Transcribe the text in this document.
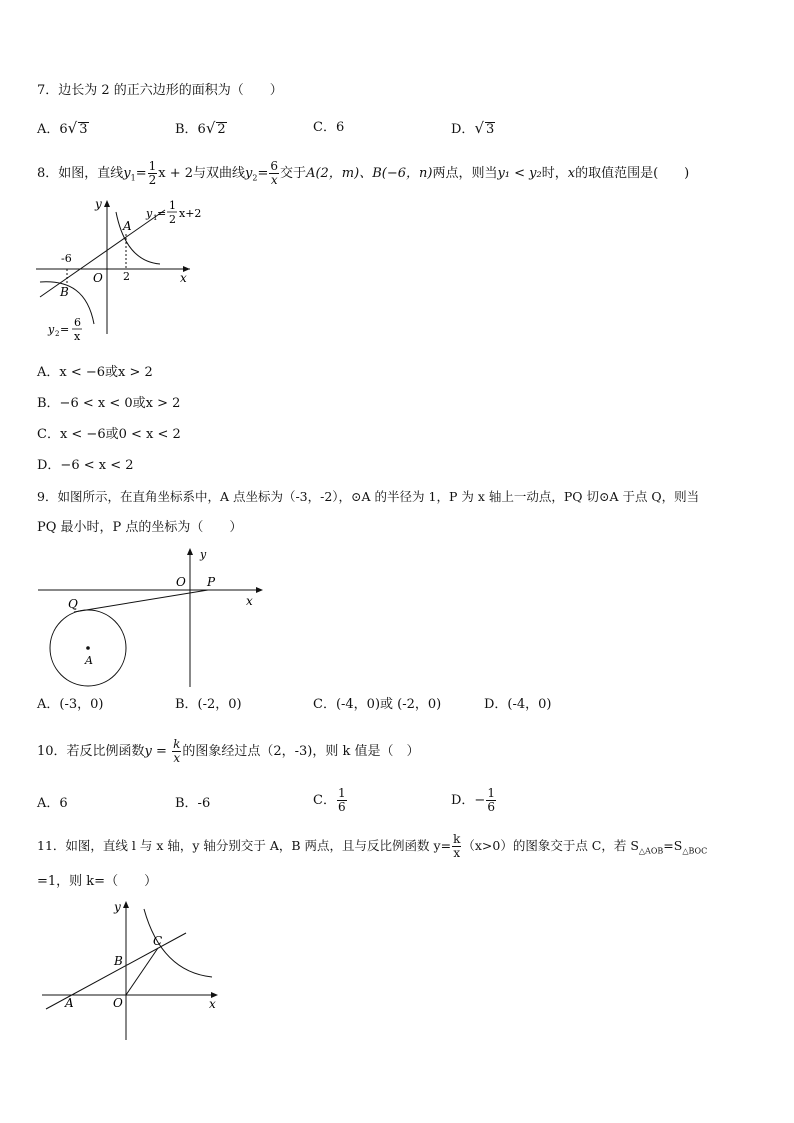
7．边长为 2 的正六边形的面积为（　　）
A．6√ 3	B．6√ 2	C．6	D．√ 3
8．如图，直线$y_1= \frac{1}{2}$ x + 2与双曲线$y_2= \frac{6}{x}$ 交于A(2，m)、B(−6，n)两点，则当y₁ < y₂时，x的取值范围是(　　)
y
x
O
A
B
-6
2
y 1 =
1
2 x+2
y 2 =
6
x
A．x < −6或x > 2
B．−6 < x < 0或x > 2
C．x < −6或0 < x < 2
D．−6 < x < 2
9．如图所示，在直角坐标系中，A 点坐标为（-3，-2），⊙A 的半径为 1，P 为 x 轴上一动点，PQ 切⊙A 于点 Q，则当
PQ 最小时，P 点的坐标为（　　）
y
x
O P
Q
A
A．(-3，0)	B．(-2，0)	C．(-4，0)或 (-2，0)	D．(-4，0)
10．若反比例函数$y = \frac{k}{x}$ 的图象经过点（2，-3)，则 k 值是（　）
A．6	B．-6	C． $\frac{1}{6}$	D．− $\frac{1}{6}$
11．如图，直线 l 与 x 轴，y 轴分别交于 A，B 两点，且与反比例函数 $y= \frac{k}{x} (x>0)$的图象交于点 C，若 $S_{\triangle AOB}=S_{\triangle BOC}$
=1，则 k=（　　）
y
x
O
A
B
C
